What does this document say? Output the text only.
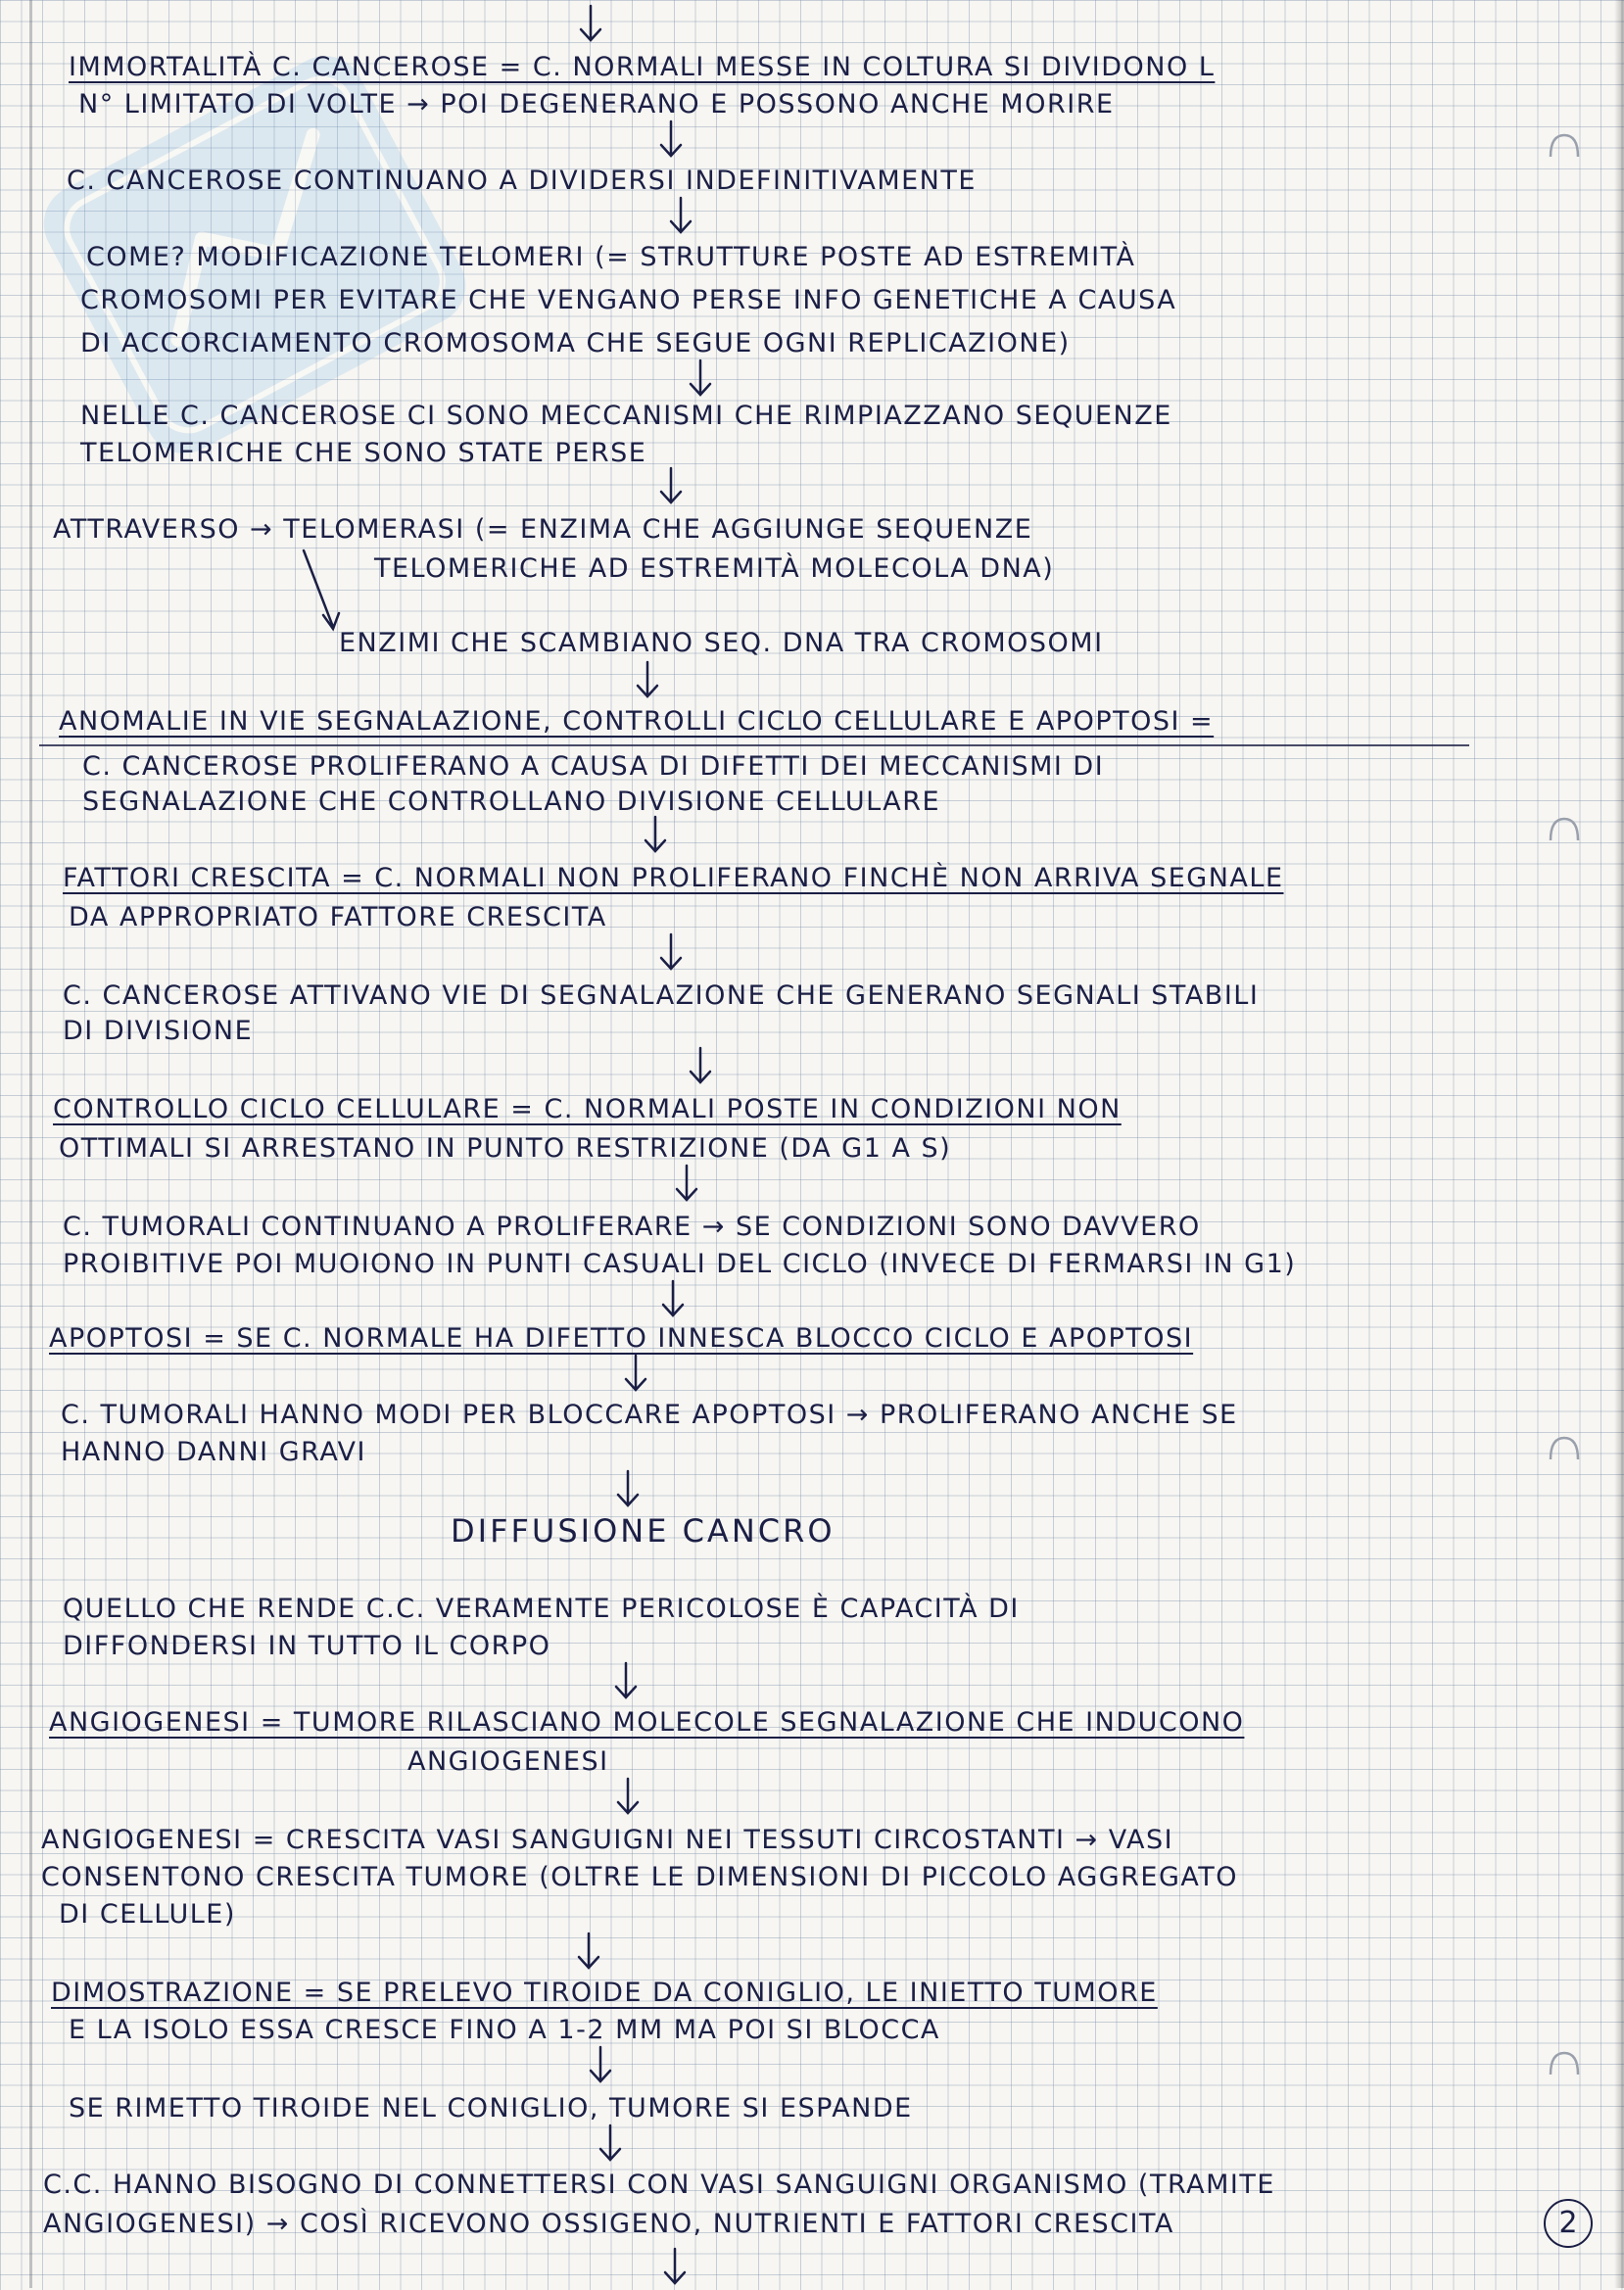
IMMORTALITÀ C. CANCEROSE = C. NORMALI MESSE IN COLTURA SI DIVIDONO L
N° LIMITATO DI VOLTE → POI DEGENERANO E POSSONO ANCHE MORIRE
C. CANCEROSE CONTINUANO A DIVIDERSI INDEFINITIVAMENTE
COME? MODIFICAZIONE TELOMERI (= STRUTTURE POSTE AD ESTREMITÀ
CROMOSOMI PER EVITARE CHE VENGANO PERSE INFO GENETICHE A CAUSA
DI ACCORCIAMENTO CROMOSOMA CHE SEGUE OGNI REPLICAZIONE)
NELLE C. CANCEROSE CI SONO MECCANISMI CHE RIMPIAZZANO SEQUENZE
TELOMERICHE CHE SONO STATE PERSE
ATTRAVERSO → TELOMERASI (= ENZIMA CHE AGGIUNGE SEQUENZE
TELOMERICHE AD ESTREMITÀ MOLECOLA DNA)
ENZIMI CHE SCAMBIANO SEQ. DNA TRA CROMOSOMI
ANOMALIE IN VIE SEGNALAZIONE, CONTROLLI CICLO CELLULARE E APOPTOSI =
C. CANCEROSE PROLIFERANO A CAUSA DI DIFETTI DEI MECCANISMI DI
SEGNALAZIONE CHE CONTROLLANO DIVISIONE CELLULARE
FATTORI CRESCITA = C. NORMALI NON PROLIFERANO FINCHÈ NON ARRIVA SEGNALE
DA APPROPRIATO FATTORE CRESCITA
C. CANCEROSE ATTIVANO VIE DI SEGNALAZIONE CHE GENERANO SEGNALI STABILI
DI DIVISIONE
CONTROLLO CICLO CELLULARE = C. NORMALI POSTE IN CONDIZIONI NON
OTTIMALI SI ARRESTANO IN PUNTO RESTRIZIONE (DA G1 A S)
C. TUMORALI CONTINUANO A PROLIFERARE → SE CONDIZIONI SONO DAVVERO
PROIBITIVE POI MUOIONO IN PUNTI CASUALI DEL CICLO (INVECE DI FERMARSI IN G1)
APOPTOSI = SE C. NORMALE HA DIFETTO INNESCA BLOCCO CICLO E APOPTOSI
C. TUMORALI HANNO MODI PER BLOCCARE APOPTOSI → PROLIFERANO ANCHE SE
HANNO DANNI GRAVI
DIFFUSIONE CANCRO
QUELLO CHE RENDE C.C. VERAMENTE PERICOLOSE È CAPACITÀ DI
DIFFONDERSI IN TUTTO IL CORPO
ANGIOGENESI = TUMORE RILASCIANO MOLECOLE SEGNALAZIONE CHE INDUCONO
ANGIOGENESI
ANGIOGENESI = CRESCITA VASI SANGUIGNI NEI TESSUTI CIRCOSTANTI → VASI
CONSENTONO CRESCITA TUMORE (OLTRE LE DIMENSIONI DI PICCOLO AGGREGATO
DI CELLULE)
DIMOSTRAZIONE = SE PRELEVO TIROIDE DA CONIGLIO, LE INIETTO TUMORE
E LA ISOLO ESSA CRESCE FINO A 1-2 MM MA POI SI BLOCCA
SE RIMETTO TIROIDE NEL CONIGLIO, TUMORE SI ESPANDE
C.C. HANNO BISOGNO DI CONNETTERSI CON VASI SANGUIGNI ORGANISMO (TRAMITE
ANGIOGENESI) → COSÌ RICEVONO OSSIGENO, NUTRIENTI E FATTORI CRESCITA	2
